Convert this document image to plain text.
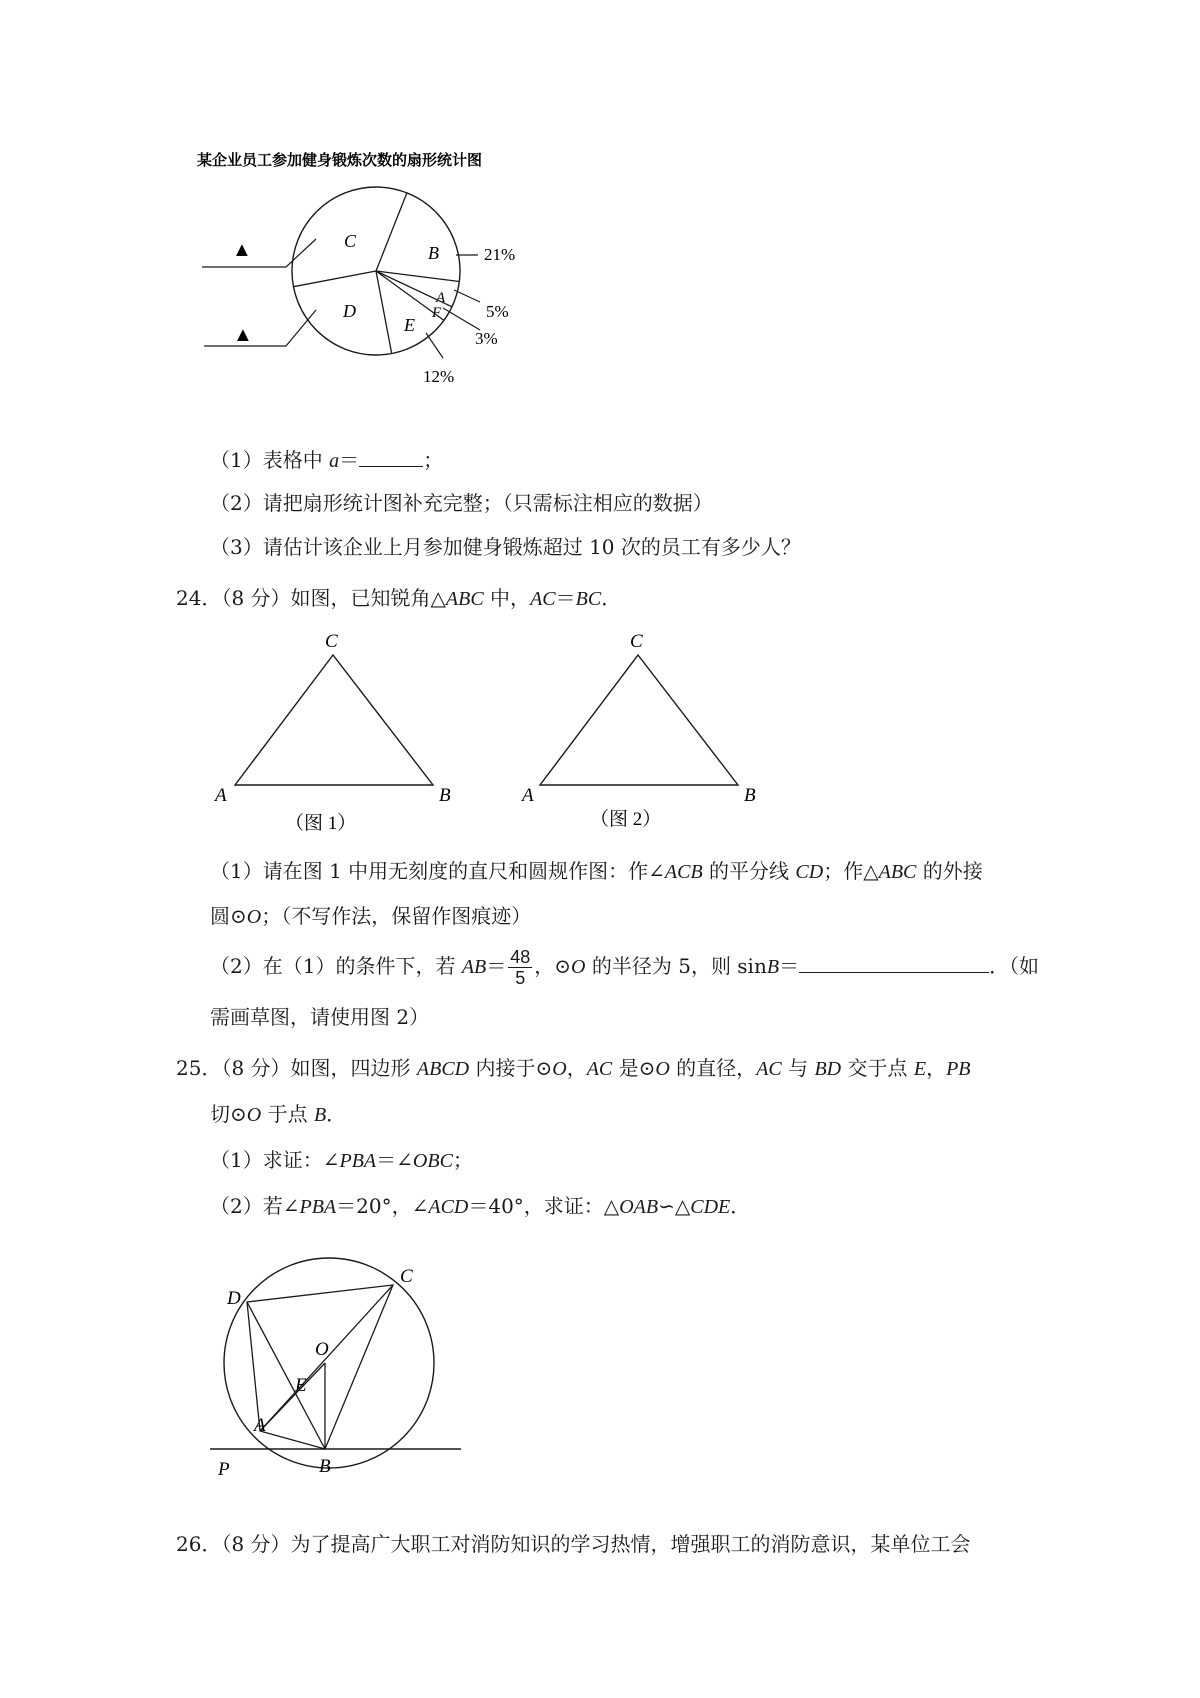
某企业员工参加健身锻炼次数的扇形统计图
C
D
B
A
F
E
21%
5%
3%
12%
▲
▲
（1）表格中 a＝	；
（2）请把扇形统计图补充完整；（只需标注相应的数据）
（3）请估计该企业上月参加健身锻炼超过 10 次的员工有多少人？
24．（8 分）如图，已知锐角△ABC 中，AC＝BC．
C
A	B
（图 1）
C
A	B
（图 2）
（1）请在图 1 中用无刻度的直尺和圆规作图：作∠ACB 的平分线 CD；作△ABC 的外接
圆⊙O；（不写作法，保留作图痕迹）
（2）在（1）的条件下，若 $AB= \frac{48}{5}$ ，⊙O 的半径为 5，则 sinB＝	．（如
需画草图，请使用图 2）
25．（8 分）如图，四边形 ABCD 内接于⊙O，AC 是⊙O 的直径，AC 与 BD 交于点 E，PB
切⊙O 于点 B．
（1）求证：∠PBA＝∠OBC；
（2）若∠PBA＝20°，∠ACD＝40°，求证：△OAB∽△CDE．
D
C
O
E
A
B
P
26．（8 分）为了提高广大职工对消防知识的学习热情，增强职工的消防意识，某单位工会
